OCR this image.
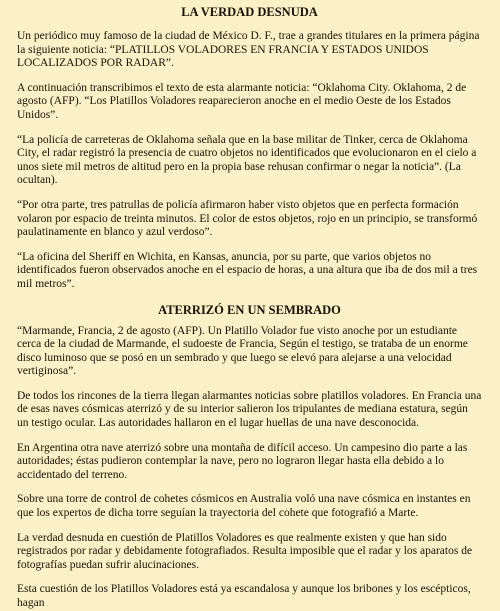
LA VERDAD DESNUDA

Un periódico muy famoso de la ciudad de México D. F., trae a grandes titulares en la primera página la siguiente noticia: “PLATILLOS VOLADORES EN FRANCIA Y ESTADOS UNIDOS LOCALIZADOS POR RADAR”.

A continuación transcribimos el texto de esta alarmante noticia: “Oklahoma City. Oklahoma, 2 de agosto (AFP). “Los Platillos Voladores reaparecieron anoche en el medio Oeste de los Estados Unidos”.

“La policía de carreteras de Oklahoma señala que en la base militar de Tinker, cerca de Oklahoma City, el radar registró la presencia de cuatro objetos no identificados que evolucionaron en el cielo a unos siete mil metros de altitud pero en la propia base rehusan confirmar o negar la noticia”. (La ocultan).

“Por otra parte, tres patrullas de policía afirmaron haber visto objetos que en perfecta formación volaron por espacio de treinta minutos. El color de estos objetos, rojo en un principio, se transformó paulatinamente en blanco y azul verdoso”.

“La oficina del Sheriff en Wichita, en Kansas, anuncia, por su parte, que varios objetos no identificados fueron observados anoche en el espacio de horas, a una altura que iba de dos mil a tres mil metros”.

ATERRIZÓ EN UN SEMBRADO

“Marmande, Francia, 2 de agosto (AFP). Un Platillo Volador fue visto anoche por un estudiante cerca de la ciudad de Marmande, el sudoeste de Francia, Según el testigo, se trataba de un enorme disco luminoso que se posó en un sembrado y que luego se elevó para alejarse a una velocidad vertiginosa”.

De todos los rincones de la tierra llegan alarmantes noticias sobre platillos voladores. En Francia una de esas naves cósmicas aterrizó y de su interior salieron los tripulantes de mediana estatura, según un testigo ocular. Las autoridades hallaron en el lugar huellas de una nave desconocida.

En Argentina otra nave aterrizó sobre una montaña de difícil acceso. Un campesino dio parte a las autoridades; éstas pudieron contemplar la nave, pero no lograron llegar hasta ella debido a lo accidentado del terreno.

Sobre una torre de control de cohetes cósmicos en Australia voló una nave cósmica en instantes en que los expertos de dicha torre seguían la trayectoria del cohete que fotografió a Marte.

La verdad desnuda en cuestión de Platillos Voladores es que realmente existen y que han sido registrados por radar y debidamente fotografiados. Resulta imposible que el radar y los aparatos de fotografías puedan sufrir alucinaciones.

Esta cuestión de los Platillos Voladores está ya escandalosa y aunque los bribones y los escépticos, hagan
